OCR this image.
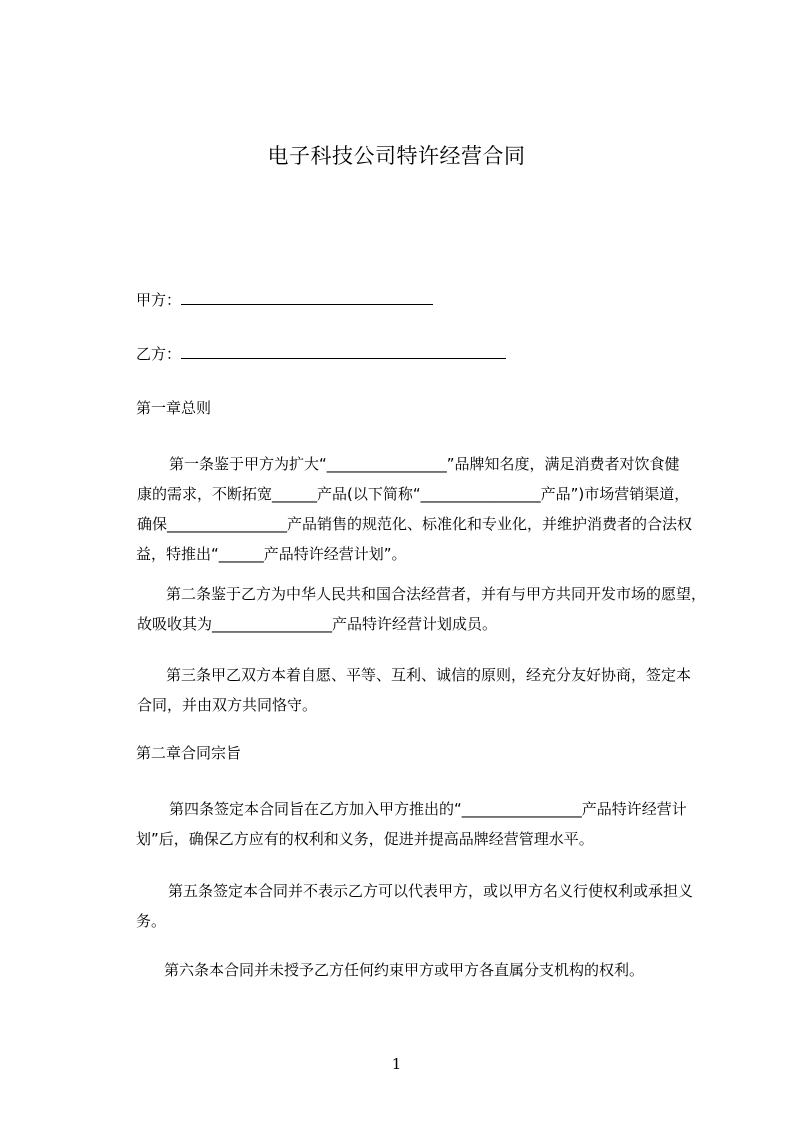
电子科技公司特许经营合同
甲方：
乙方：
第一章总则
第一条鉴于甲方为扩大“________________”品牌知名度，满足消费者对饮食健
康的需求，不断拓宽______产品(以下简称“________________产品”)市场营销渠道，
确保________________产品销售的规范化、标准化和专业化，并维护消费者的合法权
益，特推出“______产品特许经营计划”。
第二条鉴于乙方为中华人民共和国合法经营者，并有与甲方共同开发市场的愿望，
故吸收其为________________产品特许经营计划成员。
第三条甲乙双方本着自愿、平等、互利、诚信的原则，经充分友好协商，签定本
合同，并由双方共同恪守。
第二章合同宗旨
第四条签定本合同旨在乙方加入甲方推出的“________________产品特许经营计
划”后，确保乙方应有的权利和义务，促进并提高品牌经营管理水平。
第五条签定本合同并不表示乙方可以代表甲方，或以甲方名义行使权利或承担义
务。
第六条本合同并未授予乙方任何约束甲方或甲方各直属分支机构的权利。
1
